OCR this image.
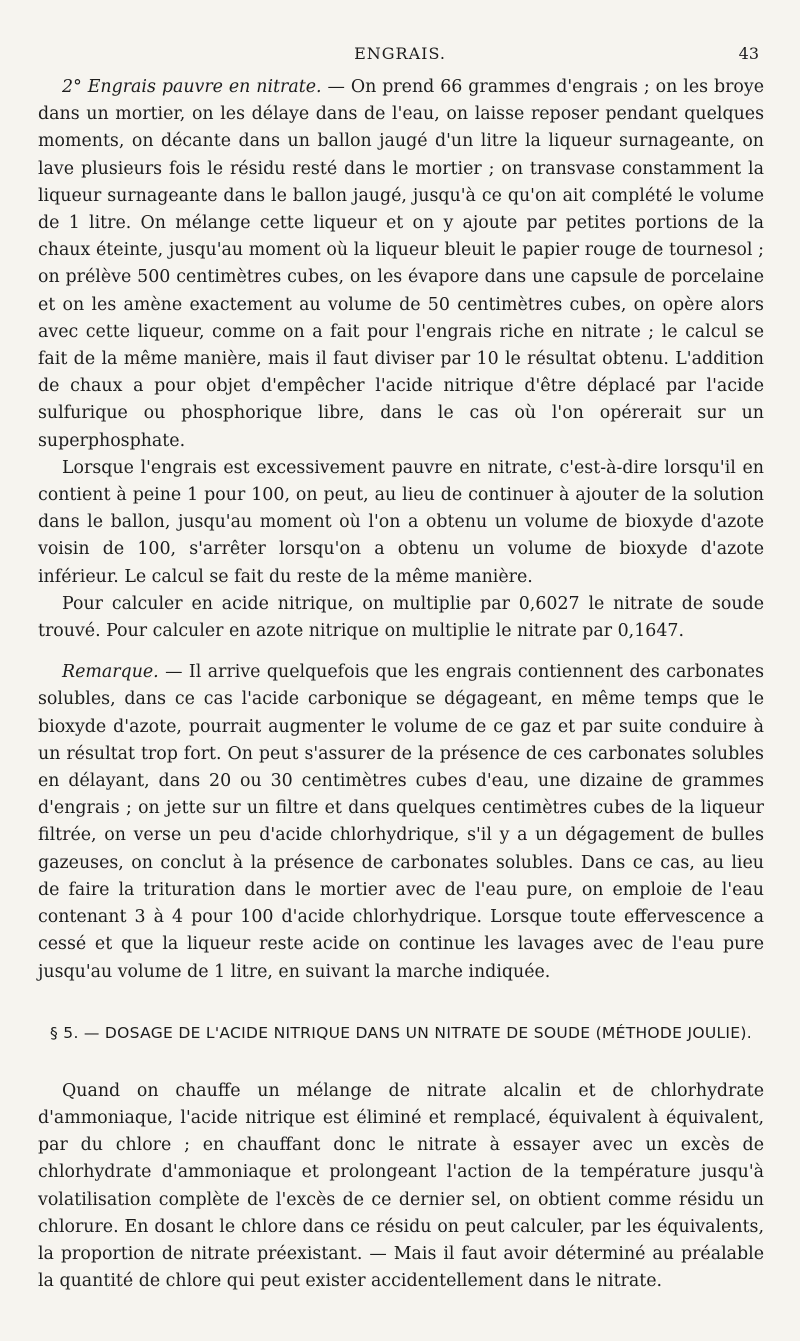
ENGRAIS.	43

2° Engrais pauvre en nitrate. — On prend 66 grammes d'engrais ; on les broye dans un mortier, on les délaye dans de l'eau, on laisse reposer pendant quelques moments, on décante dans un ballon jaugé d'un litre la liqueur surnageante, on lave plusieurs fois le résidu resté dans le mortier ; on transvase constamment la liqueur surnageante dans le ballon jaugé, jusqu'à ce qu'on ait complété le volume de 1 litre. On mélange cette liqueur et on y ajoute par petites portions de la chaux éteinte, jusqu'au moment où la liqueur bleuit le papier rouge de tournesol ; on prélève 500 centimètres cubes, on les évapore dans une capsule de porcelaine et on les amène exactement au volume de 50 centimètres cubes, on opère alors avec cette liqueur, comme on a fait pour l'engrais riche en nitrate ; le calcul se fait de la même manière, mais il faut diviser par 10 le résultat obtenu. L'addition de chaux a pour objet d'empêcher l'acide nitrique d'être déplacé par l'acide sulfurique ou phosphorique libre, dans le cas où l'on opérerait sur un superphosphate.

Lorsque l'engrais est excessivement pauvre en nitrate, c'est-à-dire lorsqu'il en contient à peine 1 pour 100, on peut, au lieu de continuer à ajouter de la solution dans le ballon, jusqu'au moment où l'on a obtenu un volume de bioxyde d'azote voisin de 100, s'arrêter lorsqu'on a obtenu un volume de bioxyde d'azote inférieur. Le calcul se fait du reste de la même manière.

Pour calculer en acide nitrique, on multiplie par 0,6027 le nitrate de soude trouvé. Pour calculer en azote nitrique on multiplie le nitrate par 0,1647.

Remarque. — Il arrive quelquefois que les engrais contiennent des carbonates solubles, dans ce cas l'acide carbonique se dégageant, en même temps que le bioxyde d'azote, pourrait augmenter le volume de ce gaz et par suite conduire à un résultat trop fort. On peut s'assurer de la présence de ces carbonates solubles en délayant, dans 20 ou 30 centimètres cubes d'eau, une dizaine de grammes d'engrais ; on jette sur un filtre et dans quelques centimètres cubes de la liqueur filtrée, on verse un peu d'acide chlorhydrique, s'il y a un dégagement de bulles gazeuses, on conclut à la présence de carbonates solubles. Dans ce cas, au lieu de faire la trituration dans le mortier avec de l'eau pure, on emploie de l'eau contenant 3 à 4 pour 100 d'acide chlorhydrique. Lorsque toute effervescence a cessé et que la liqueur reste acide on continue les lavages avec de l'eau pure jusqu'au volume de 1 litre, en suivant la marche indiquée.

§ 5. — DOSAGE DE L'ACIDE NITRIQUE DANS UN NITRATE DE SOUDE (MÉTHODE JOULIE).

Quand on chauffe un mélange de nitrate alcalin et de chlorhydrate d'ammoniaque, l'acide nitrique est éliminé et remplacé, équivalent à équivalent, par du chlore ; en chauffant donc le nitrate à essayer avec un excès de chlorhydrate d'ammoniaque et prolongeant l'action de la température jusqu'à volatilisation complète de l'excès de ce dernier sel, on obtient comme résidu un chlorure. En dosant le chlore dans ce résidu on peut calculer, par les équivalents, la proportion de nitrate préexistant. — Mais il faut avoir déterminé au préalable la quantité de chlore qui peut exister accidentellement dans le nitrate.
